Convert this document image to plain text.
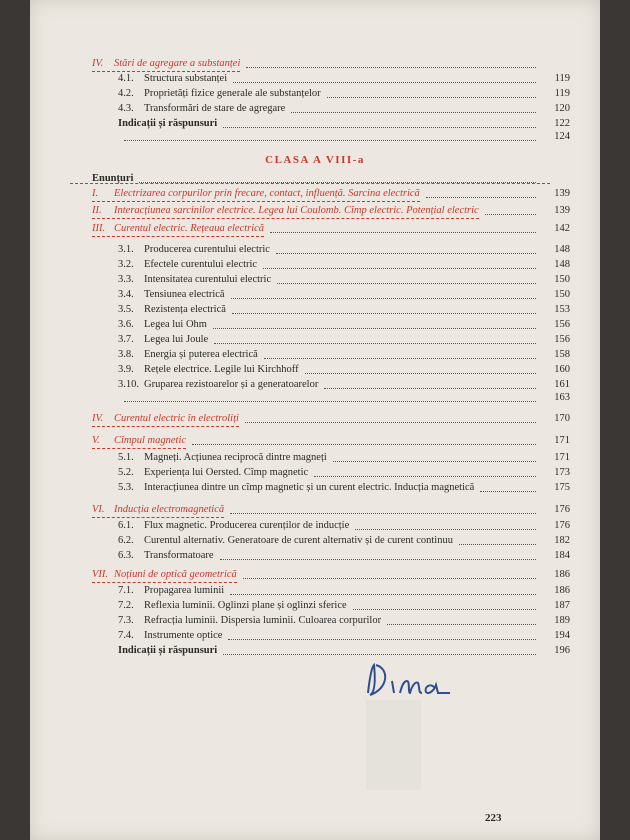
CLASA A VIII-a
IV. Stări de agregare a substanței
4.1. Structura substanței	119
4.2. Proprietăți fizice generale ale substanțelor	119
4.3. Transformări de stare de agregare	120
Indicații și răspunsuri	122
124
Enunțuri
I. Electrizarea corpurilor prin frecare, contact, influență. Sarcina electrică	139
II. Interacțiunea sarcinilor electrice. Legea lui Coulomb. Cîmp electric. Potențial electric	139
III. Curentul electric. Rețeaua electrică	142
3.1. Producerea curentului electric	148
3.2. Efectele curentului electric	148
3.3. Intensitatea curentului electric	150
3.4. Tensiunea electrică	150
3.5. Rezistența electrică	153
3.6. Legea lui Ohm	156
3.7. Legea lui Joule	156
3.8. Energia și puterea electrică	158
3.9. Rețele electrice. Legile lui Kirchhoff	160
3.10. Gruparea rezistoarelor și a generatoarelor	161
163
IV. Curentul electric în electroliți	170
V. Cîmpul magnetic	171
5.1. Magneți. Acțiunea reciprocă dintre magneți	171
5.2. Experiența lui Oersted. Cîmp magnetic	173
5.3. Interacțiunea dintre un cîmp magnetic și un curent electric. Inducția magnetică	175
VI. Inducția electromagnetică	176
6.1. Flux magnetic. Producerea curenților de inducție	176
6.2. Curentul alternativ. Generatoare de curent alternativ și de curent continuu	182
6.3. Transformatoare	184
VII. Noțiuni de optică geometrică	186
7.1. Propagarea luminii	186
7.2. Reflexia luminii. Oglinzi plane și oglinzi sferice	187
7.3. Refracția luminii. Dispersia luminii. Culoarea corpurilor	189
7.4. Instrumente optice	194
Indicații și răspunsuri	196
223
